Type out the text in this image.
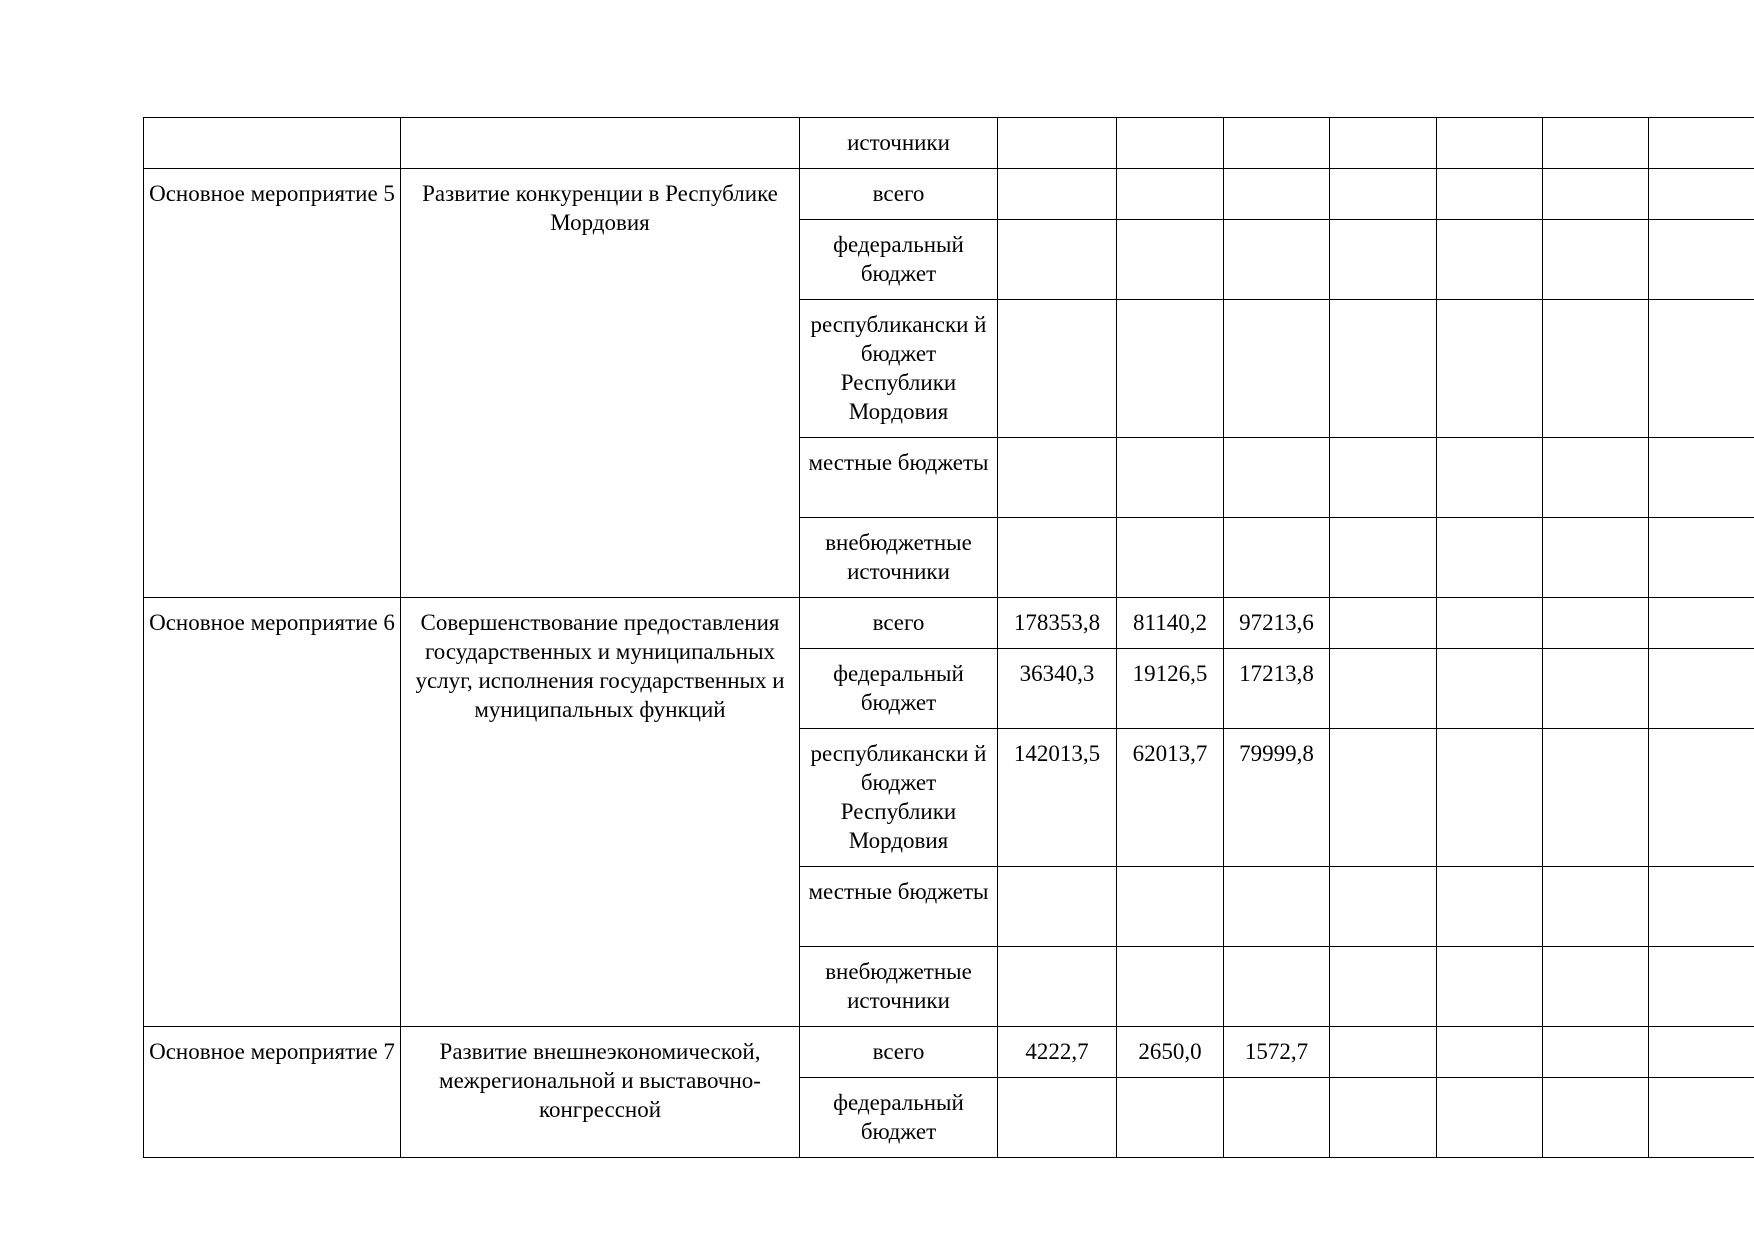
		источники							
Основное мероприятие 5	Развитие конкуренции в Республике Мордовия	всего							
		федеральный бюджет							
		республикански й бюджет Республики Мордовия							
		местные бюджеты							
		внебюджетные источники							
Основное мероприятие 6	Совершенствование предоставления государственных и муниципальных услуг, исполнения государственных и муниципальных функций	всего	178353,8	81140,2	97213,6				
		федеральный бюджет	36340,3	19126,5	17213,8				
		республикански й бюджет Республики Мордовия	142013,5	62013,7	79999,8				
		местные бюджеты							
		внебюджетные источники							
Основное мероприятие 7	Развитие внешнеэкономической, межрегиональной и выставочно-конгрессной	всего	4222,7	2650,0	1572,7				
		федеральный бюджет							
